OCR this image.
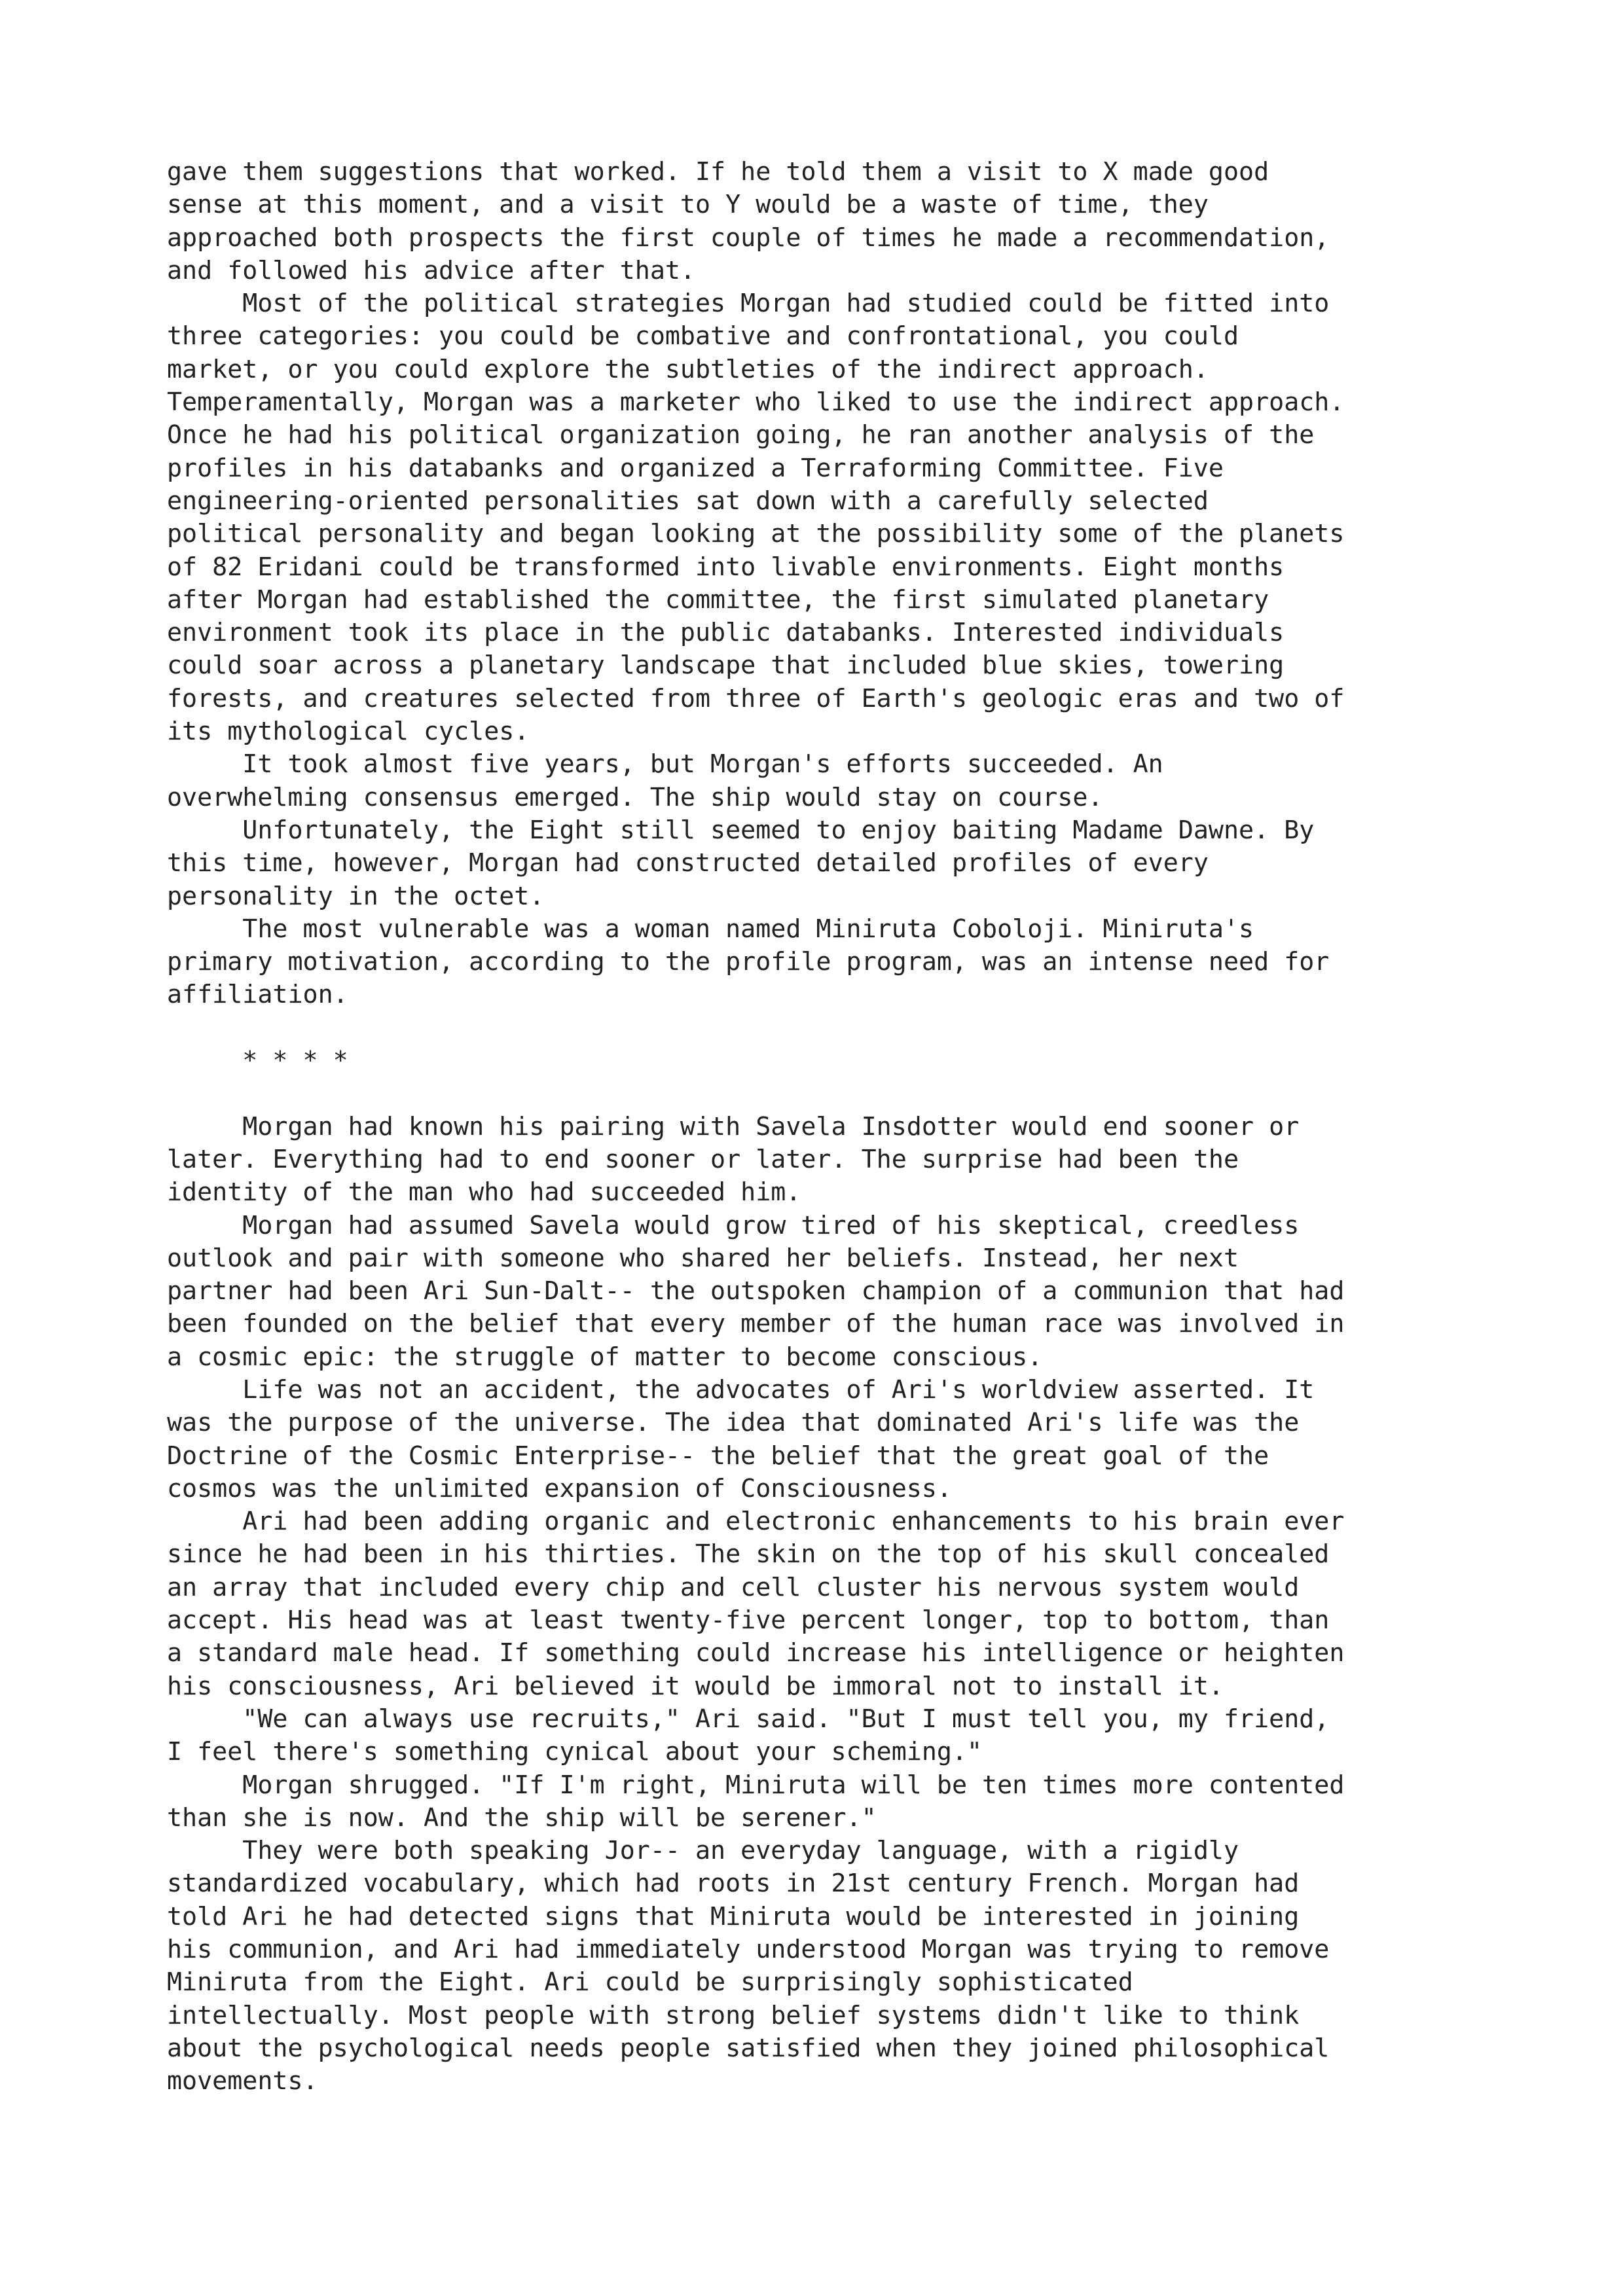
gave them suggestions that worked. If he told them a visit to X made good
sense at this moment, and a visit to Y would be a waste of time, they
approached both prospects the first couple of times he made a recommendation,
and followed his advice after that.
Most of the political strategies Morgan had studied could be fitted into
three categories: you could be combative and confrontational, you could
market, or you could explore the subtleties of the indirect approach.
Temperamentally, Morgan was a marketer who liked to use the indirect approach.
Once he had his political organization going, he ran another analysis of the
profiles in his databanks and organized a Terraforming Committee. Five
engineering-oriented personalities sat down with a carefully selected
political personality and began looking at the possibility some of the planets
of 82 Eridani could be transformed into livable environments. Eight months
after Morgan had established the committee, the first simulated planetary
environment took its place in the public databanks. Interested individuals
could soar across a planetary landscape that included blue skies, towering
forests, and creatures selected from three of Earth's geologic eras and two of
its mythological cycles.
It took almost five years, but Morgan's efforts succeeded. An
overwhelming consensus emerged. The ship would stay on course.
Unfortunately, the Eight still seemed to enjoy baiting Madame Dawne. By
this time, however, Morgan had constructed detailed profiles of every
personality in the octet.
The most vulnerable was a woman named Miniruta Coboloji. Miniruta's
primary motivation, according to the profile program, was an intense need for
affiliation.
* * * *
Morgan had known his pairing with Savela Insdotter would end sooner or
later. Everything had to end sooner or later. The surprise had been the
identity of the man who had succeeded him.
Morgan had assumed Savela would grow tired of his skeptical, creedless
outlook and pair with someone who shared her beliefs. Instead, her next
partner had been Ari Sun-Dalt-- the outspoken champion of a communion that had
been founded on the belief that every member of the human race was involved in
a cosmic epic: the struggle of matter to become conscious.
Life was not an accident, the advocates of Ari's worldview asserted. It
was the purpose of the universe. The idea that dominated Ari's life was the
Doctrine of the Cosmic Enterprise-- the belief that the great goal of the
cosmos was the unlimited expansion of Consciousness.
Ari had been adding organic and electronic enhancements to his brain ever
since he had been in his thirties. The skin on the top of his skull concealed
an array that included every chip and cell cluster his nervous system would
accept. His head was at least twenty-five percent longer, top to bottom, than
a standard male head. If something could increase his intelligence or heighten
his consciousness, Ari believed it would be immoral not to install it.
"We can always use recruits," Ari said. "But I must tell you, my friend,
I feel there's something cynical about your scheming."
Morgan shrugged. "If I'm right, Miniruta will be ten times more contented
than she is now. And the ship will be serener."
They were both speaking Jor-- an everyday language, with a rigidly
standardized vocabulary, which had roots in 21st century French. Morgan had
told Ari he had detected signs that Miniruta would be interested in joining
his communion, and Ari had immediately understood Morgan was trying to remove
Miniruta from the Eight. Ari could be surprisingly sophisticated
intellectually. Most people with strong belief systems didn't like to think
about the psychological needs people satisfied when they joined philosophical
movements.
